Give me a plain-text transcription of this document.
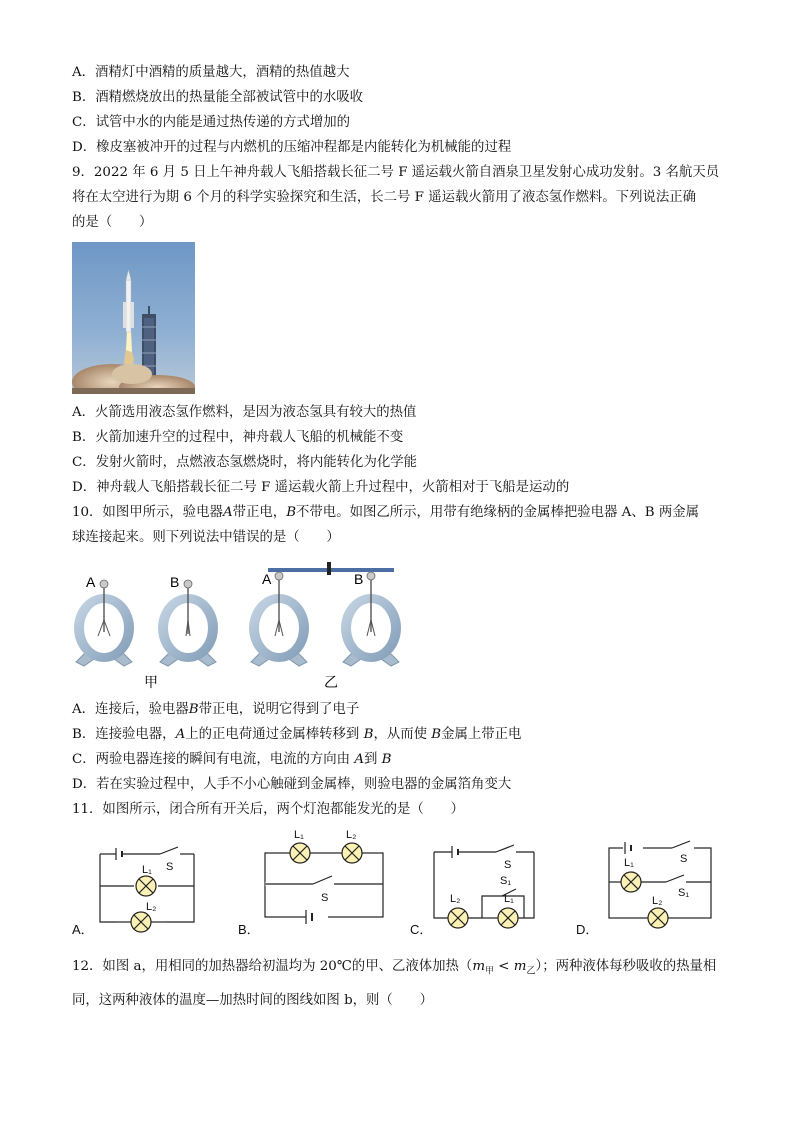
A．酒精灯中酒精的质量越大，酒精的热值越大
B．酒精燃烧放出的热量能全部被试管中的水吸收
C．试管中水的内能是通过热传递的方式增加的
D．橡皮塞被冲开的过程与内燃机的压缩冲程都是内能转化为机械能的过程
9．2022 年 6 月 5 日上午神舟载人飞船搭载长征二号 F 遥运载火箭自酒泉卫星发射心成功发射。3 名航天员
将在太空进行为期 6 个月的科学实验探究和生活，长二号 F 遥运载火箭用了液态氢作燃料。下列说法正确
的是（　　）
A．火箭选用液态氢作燃料，是因为液态氢具有较大的热值
B．火箭加速升空的过程中，神舟载人飞船的机械能不变
C．发射火箭时，点燃液态氢燃烧时，将内能转化为化学能
D．神舟载人飞船搭载长征二号 F 遥运载火箭上升过程中，火箭相对于飞船是运动的
10．如图甲所示，验电器A带正电，B不带电。如图乙所示，用带有绝缘柄的金属棒把验电器 A、B 两金属
球连接起来。则下列说法中错误的是（　　）
A	B	A	B
甲	乙
A．连接后，验电器B带正电，说明它得到了电子
B．连接验电器，A上的正电荷通过金属棒转移到 B，从而使 B金属上带正电
C．两验电器连接的瞬间有电流，电流的方向由 A到 B
D．若在实验过程中，人手不小心触碰到金属棒，则验电器的金属箔角变大
11．如图所示，闭合所有开关后，两个灯泡都能发光的是（　　）
L₁ S
L₂
A．
L₁	L₂
S
B．
S
S₁
L₂	L₁
C．
S
L₁
S₁
L₂
D．
12．如图 a，用相同的加热器给初温均为 20℃的甲、乙液体加热$(m_甲 < m_乙)$；两种液体每秒吸收的热量相
同，这两种液体的温度—加热时间的图线如图 b，则（　　）
